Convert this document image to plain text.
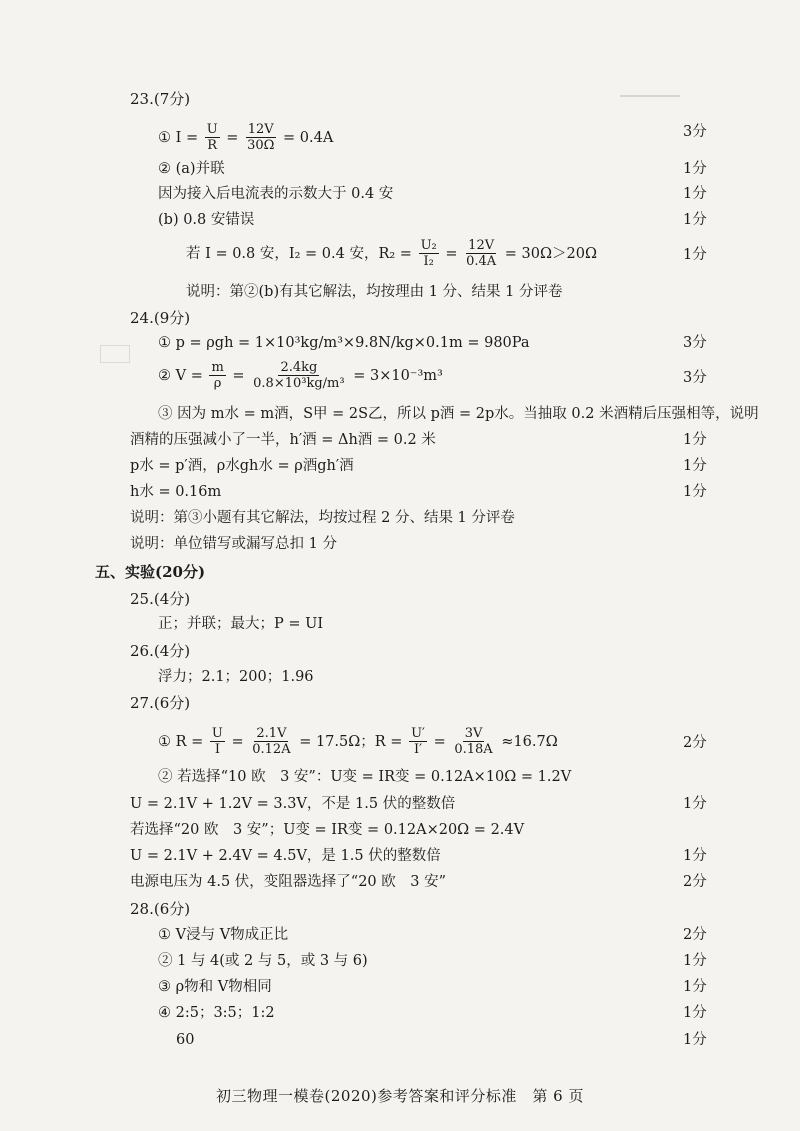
23.(7分)
① $I = \frac{U}{R} = \frac{12V}{30\Omega} = 0.4A$	3分
② (a)并联	1分
因为接入后电流表的示数大于 0.4 安	1分
(b) 0.8 安错误	1分
若 I = 0.8 安，I₂ = 0.4 安，$R_2 = \frac{\text{U₂}}{\text{I₂}} = \frac{12V}{0.4A} = 30\Omega>20\Omega$	1分
说明：第②(b)有其它解法，均按理由 1 分、结果 1 分评卷
24.(9分)
① p = ρgh = 1×10³kg/m³×9.8N/kg×0.1m = 980Pa	3分
② $V = \frac{m}{\rho} = \frac{2.4kg}{\text{0.8×10³kg/m³}} = 3\times 10^{-3}m^3$	3分
③ 因为 m水 = m酒，S甲 = 2S乙，所以 p酒 = 2p水。当抽取 0.2 米酒精后压强相等，说明
酒精的压强减小了一半，h′酒 = Δh酒 = 0.2 米	1分
p水 = p′酒，ρ水gh水 = ρ酒gh′酒	1分
h水 = 0.16m	1分
说明：第③小题有其它解法，均按过程 2 分、结果 1 分评卷
说明：单位错写或漏写总扣 1 分
五、实验(20分)
25.(4分)
正；并联；最大；P = UI
26.(4分)
浮力；2.1；200；1.96
27.(6分)
① $R = \frac{U}{I} = \frac{2.1V}{0.12A} = 17.5\Omega$；$R = \frac{U'}{I'} = \frac{3V}{0.18A} \approx 16.7\Omega$	2分
② 若选择“10 欧　3 安”：U变 = IR变 = 0.12A×10Ω = 1.2V
U = 2.1V + 1.2V = 3.3V，不是 1.5 伏的整数倍	1分
若选择“20 欧　3 安”；U变 = IR变 = 0.12A×20Ω = 2.4V
U = 2.1V + 2.4V = 4.5V，是 1.5 伏的整数倍	1分
电源电压为 4.5 伏，变阻器选择了“20 欧　3 安”	2分
28.(6分)
① V浸与 V物成正比	2分
② 1 与 4(或 2 与 5，或 3 与 6)	1分
③ ρ物和 V物相同	1分
④ 2:5；3:5；1:2	1分
60	1分
初三物理一模卷(2020)参考答案和评分标准　第 6 页
